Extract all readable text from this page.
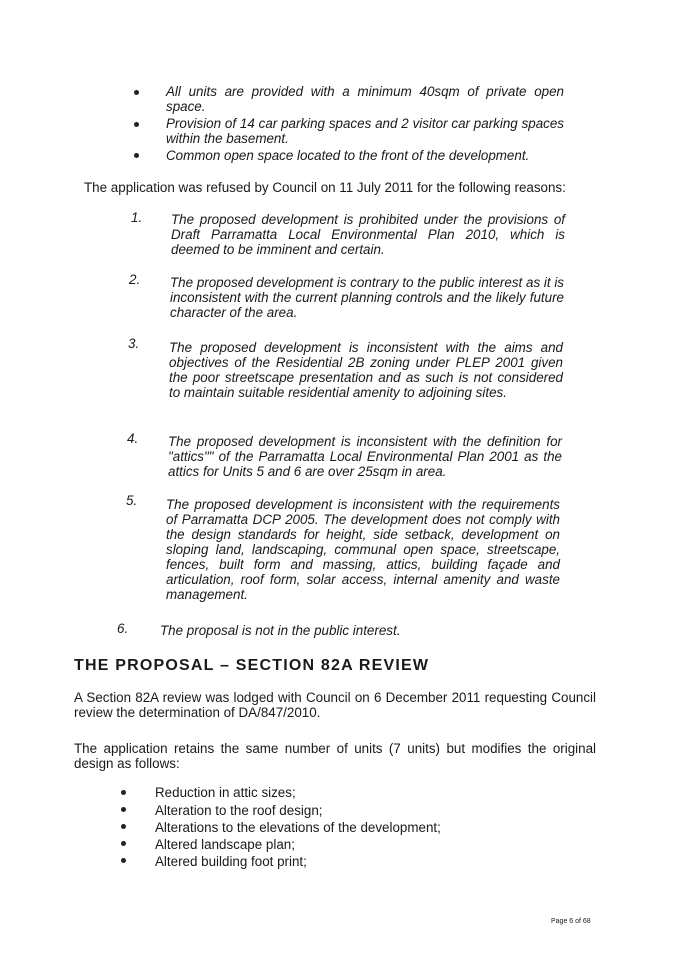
All units are provided with a minimum 40sqm of private open space.
Provision of 14 car parking spaces and 2 visitor car parking spaces within the basement.
Common open space located to the front of the development.
The application was refused by Council on 11 July 2011 for the following reasons:
1. The proposed development is prohibited under the provisions of Draft Parramatta Local Environmental Plan 2010, which is deemed to be imminent and certain.
2. The proposed development is contrary to the public interest as it is inconsistent with the current planning controls and the likely future character of the area.
3. The proposed development is inconsistent with the aims and objectives of the Residential 2B zoning under PLEP 2001 given the poor streetscape presentation and as such is not considered to maintain suitable residential amenity to adjoining sites.
4. The proposed development is inconsistent with the definition for "attics"" of the Parramatta Local Environmental Plan 2001 as the attics for Units 5 and 6 are over 25sqm in area.
5. The proposed development is inconsistent with the requirements of Parramatta DCP 2005. The development does not comply with the design standards for height, side setback, development on sloping land, landscaping, communal open space, streetscape, fences, built form and massing, attics, building façade and articulation, roof form, solar access, internal amenity and waste management.
6. The proposal is not in the public interest.
THE PROPOSAL – SECTION 82A REVIEW
A Section 82A review was lodged with Council on 6 December 2011 requesting Council review the determination of DA/847/2010.
The application retains the same number of units (7 units) but modifies the original design as follows:
Reduction in attic sizes;
Alteration to the roof design;
Alterations to the elevations of the development;
Altered landscape plan;
Altered building foot print;
Page 6 of 68
